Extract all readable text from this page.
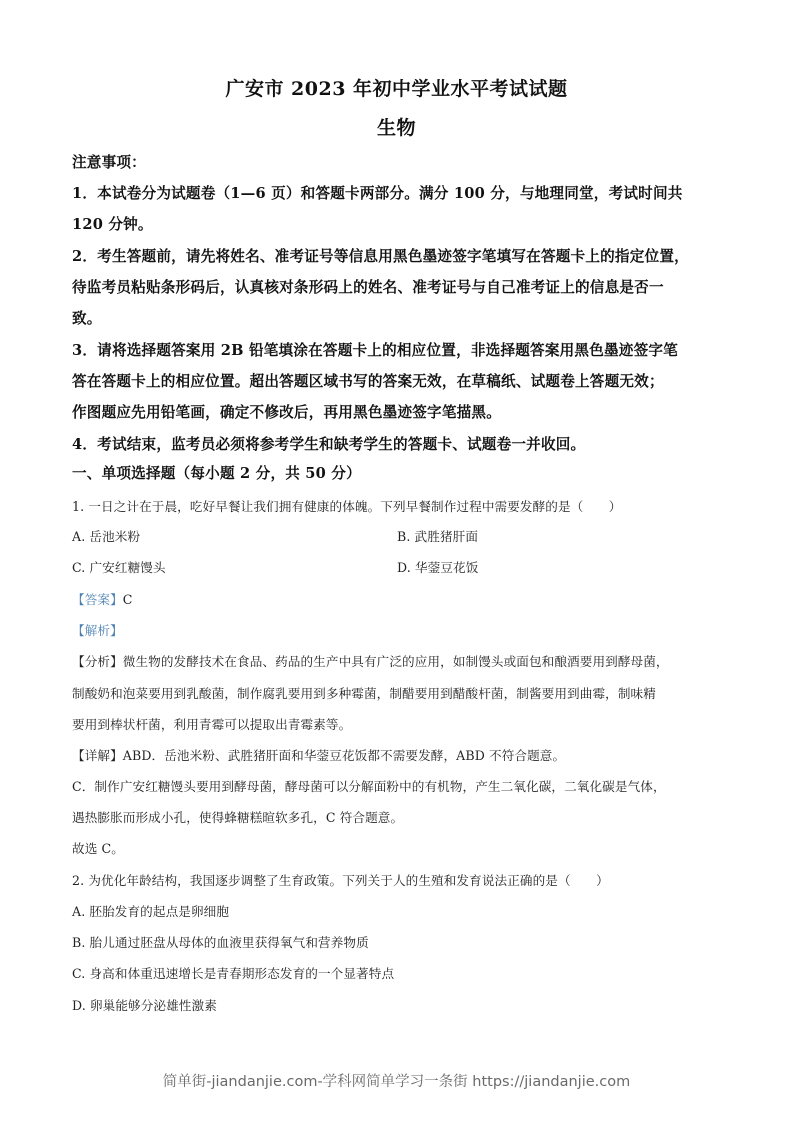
广安市 2023 年初中学业水平考试试题
生物
注意事项：
1．本试卷分为试题卷（1—6 页）和答题卡两部分。满分 100 分，与地理同堂，考试时间共
120 分钟。
2．考生答题前，请先将姓名、准考证号等信息用黑色墨迹签字笔填写在答题卡上的指定位置，
待监考员粘贴条形码后，认真核对条形码上的姓名、准考证号与自己准考证上的信息是否一
致。
3．请将选择题答案用 2B 铅笔填涂在答题卡上的相应位置，非选择题答案用黑色墨迹签字笔
答在答题卡上的相应位置。超出答题区域书写的答案无效，在草稿纸、试题卷上答题无效；
作图题应先用铅笔画，确定不修改后，再用黑色墨迹签字笔描黑。
4．考试结束，监考员必须将参考学生和缺考学生的答题卡、试题卷一并收回。
一、单项选择题（每小题 2 分，共 50 分）
1. 一日之计在于晨，吃好早餐让我们拥有健康的体魄。下列早餐制作过程中需要发酵的是（　　）
A. 岳池米粉	B. 武胜猪肝面
C. 广安红糖馒头	D. 华蓥豆花饭
【答案】C
【解析】
【分析】微生物的发酵技术在食品、药品的生产中具有广泛的应用，如制馒头或面包和酿酒要用到酵母菌，
制酸奶和泡菜要用到乳酸菌，制作腐乳要用到多种霉菌，制醋要用到醋酸杆菌，制酱要用到曲霉，制味精
要用到棒状杆菌，利用青霉可以提取出青霉素等。
【详解】ABD．岳池米粉、武胜猪肝面和华蓥豆花饭都不需要发酵，ABD 不符合题意。
C．制作广安红糖馒头要用到酵母菌，酵母菌可以分解面粉中的有机物，产生二氧化碳，二氧化碳是气体，
遇热膨胀而形成小孔，使得蜂糖糕暄软多孔，C 符合题意。
故选 C。
2. 为优化年龄结构，我国逐步调整了生育政策。下列关于人的生殖和发育说法正确的是（　　）
A. 胚胎发育的起点是卵细胞
B. 胎儿通过胚盘从母体的血液里获得氧气和营养物质
C. 身高和体重迅速增长是青春期形态发育的一个显著特点
D. 卵巢能够分泌雄性激素
简单街-jiandanjie.com-学科网简单学习一条街 https://jiandanjie.com
